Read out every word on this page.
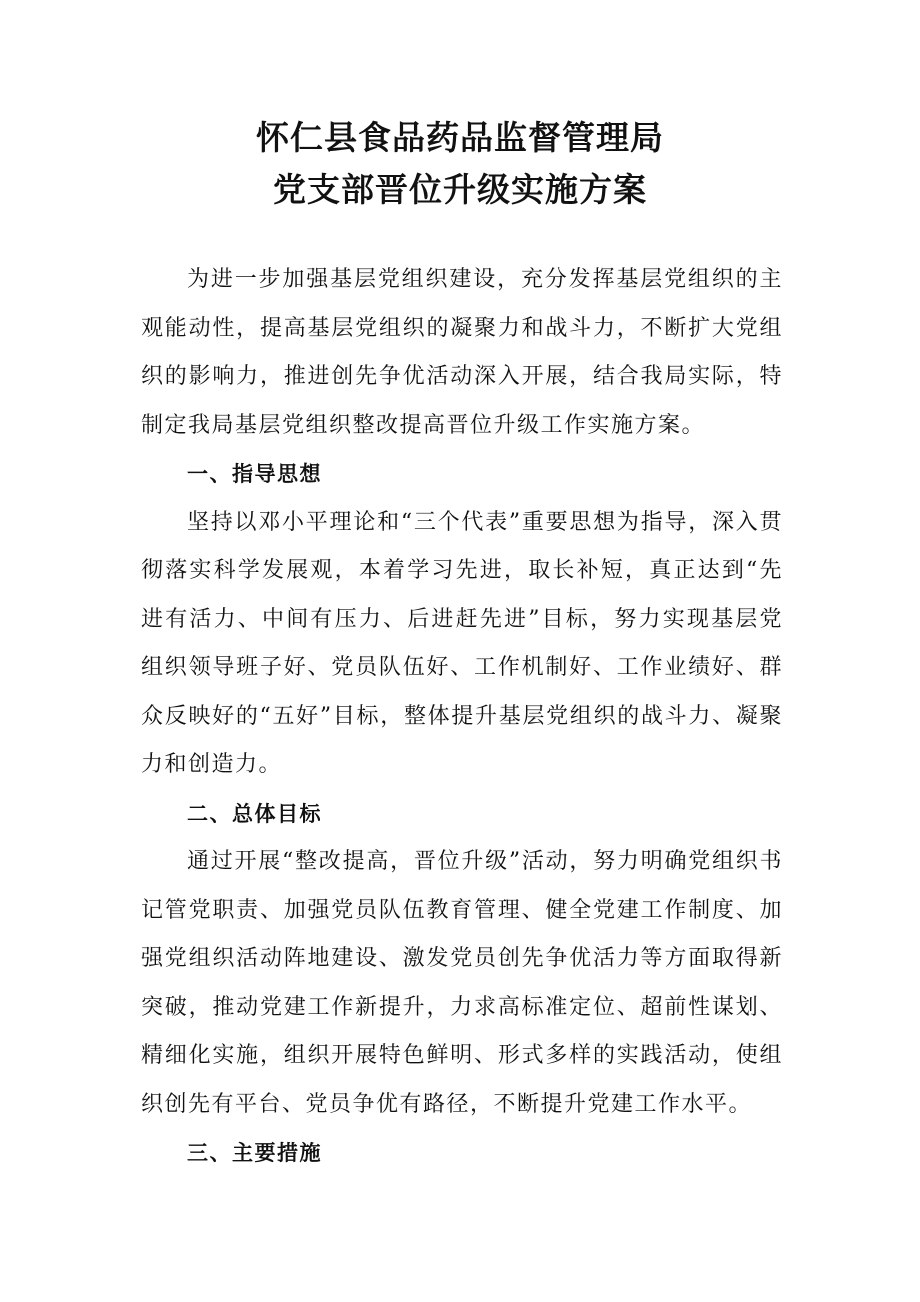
怀仁县食品药品监督管理局

党支部晋位升级实施方案

为进一步加强基层党组织建设，充分发挥基层党组织的主观能动性，提高基层党组织的凝聚力和战斗力，不断扩大党组织的影响力，推进创先争优活动深入开展，结合我局实际，特制定我局基层党组织整改提高晋位升级工作实施方案。

一、指导思想

坚持以邓小平理论和“三个代表”重要思想为指导，深入贯彻落实科学发展观，本着学习先进，取长补短，真正达到“先进有活力、中间有压力、后进赶先进”目标，努力实现基层党组织领导班子好、党员队伍好、工作机制好、工作业绩好、群众反映好的“五好”目标，整体提升基层党组织的战斗力、凝聚力和创造力。

二、总体目标

通过开展“整改提高，晋位升级”活动，努力明确党组织书记管党职责、加强党员队伍教育管理、健全党建工作制度、加强党组织活动阵地建设、激发党员创先争优活力等方面取得新突破，推动党建工作新提升，力求高标准定位、超前性谋划、精细化实施，组织开展特色鲜明、形式多样的实践活动，使组织创先有平台、党员争优有路径，不断提升党建工作水平。

三、主要措施
